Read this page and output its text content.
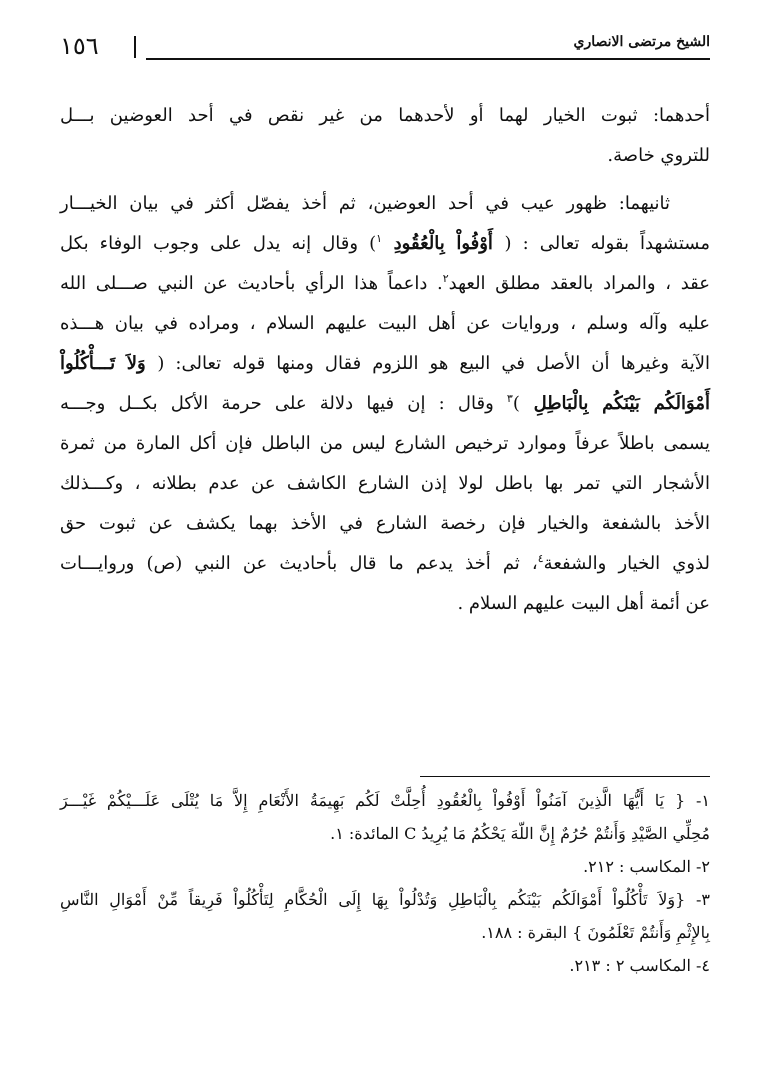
١٥٦	الشيخ مرتضى الانصاري

أحدهما: ثبوت الخيار لهما أو لأحدهما من غير نقص في أحد العوضين بـــل

للتروي خاصة.

ثانيهما: ظهور عيب في أحد العوضين، ثم أخذ يفصّل أكثر في بيان الخيـــار

مستشهداً بقوله تعالى : ( أَوْفُواْ بِالْعُقُودِ $^١$) وقال إنه يدل على وجوب الوفاء بكل

عقد ، والمراد بالعقد مطلق العهد$^٢$. داعماً هذا الرأي بأحاديث عن النبي صـــلى الله

عليه وآله وسلم ، وروايات عن أهل البيت عليهم السلام ، ومراده في بيان هـــذه

الآية وغيرها أن الأصل في البيع هو اللزوم فقال ومنها قوله تعالى: ( وَلاَ تَـــأْكُلُواْ

أَمْوَالَكُم بَيْنَكُم بِالْبَاطِلِ )$^٣$ وقال : إن فيها دلالة على حرمة الأكل بكــل وجـــه

يسمى باطلاً عرفاً وموارد ترخيص الشارع ليس من الباطل فإن أكل المارة من ثمرة

الأشجار التي تمر بها باطل لولا إذن الشارع الكاشف عن عدم بطلانه ، وكـــذلك

الأخذ بالشفعة والخيار فإن رخصة الشارع في الأخذ بهما يكشف عن ثبوت حق

لذوي الخيار والشفعة$^٤$، ثم أخذ يدعم ما قال بأحاديث عن النبي (ص) وروايـــات

عن أئمة أهل البيت عليهم السلام .

١- { يَا أَيُّهَا الَّذِينَ آمَنُواْ أَوْفُواْ بِالْعُقُودِ أُحِلَّتْ لَكُم بَهِيمَةُ الأَنْعَامِ إِلاَّ مَا يُتْلَى عَلَـــيْكُمْ غَيْـــرَ

مُحِلِّي الصَّيْدِ وَأَنتُمْ حُرُمٌ إِنَّ اللّهَ يَحْكُمُ مَا يُرِيدُ C المائدة: ١.

٢- المكاسب : ٢١٢.

٣- {وَلاَ تَأْكُلُواْ أَمْوَالَكُم بَيْنَكُم بِالْبَاطِلِ وَتُدْلُواْ بِهَا إِلَى الْحُكَّامِ لِتَأْكُلُواْ فَرِيقاً مِّنْ أَمْوَالِ النَّاسِ

بِالإِثْمِ وَأَنتُمْ تَعْلَمُونَ } البقرة : ١٨٨.

٤- المكاسب ٢ : ٢١٣.
